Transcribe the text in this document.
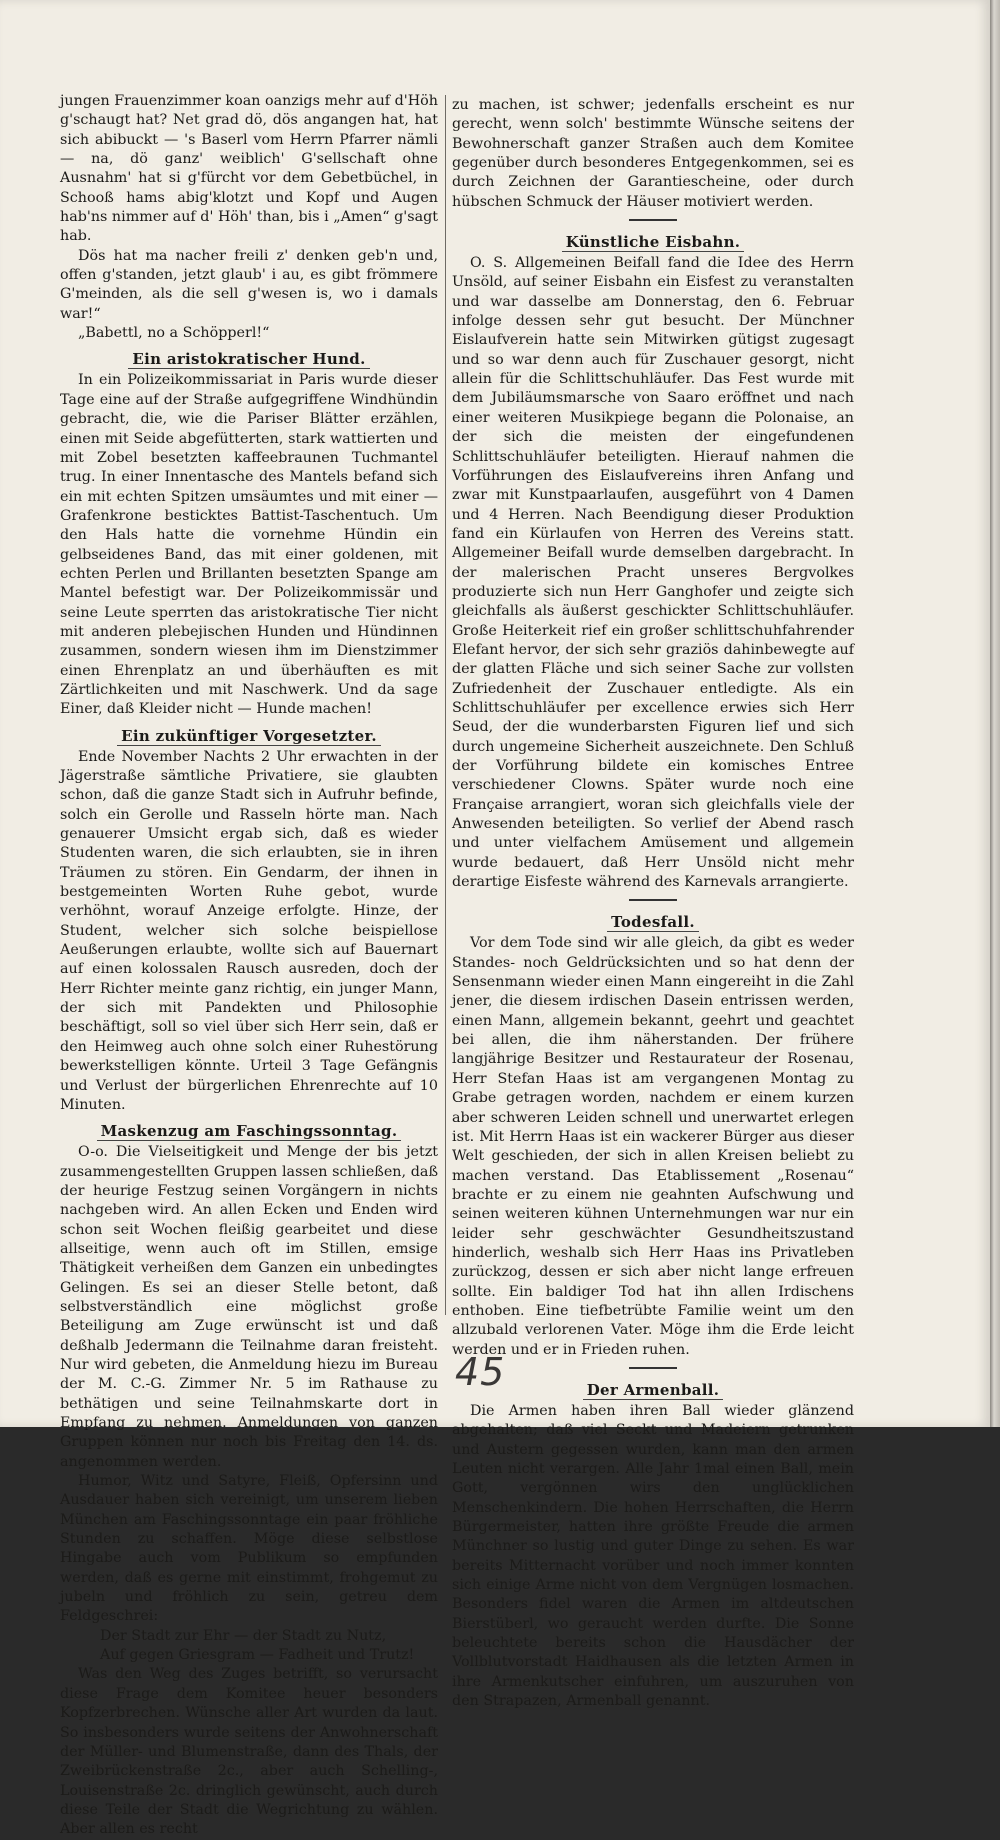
jungen Frauenzimmer koan oanzigs mehr auf d'Höh g'schaugt hat? Net grad dö, dös angangen hat, hat sich abibuckt — 's Baserl vom Herrn Pfarrer nämli — na, dö ganz' weiblich' G'sellschaft ohne Ausnahm' hat si g'fürcht vor dem Gebetbüchel, in Schooß hams abig'klotzt und Kopf und Augen hab'ns nimmer auf d' Höh' than, bis i „Amen“ g'sagt hab.

Dös hat ma nacher freili z' denken geb'n und, offen g'standen, jetzt glaub' i au, es gibt frömmere G'meinden, als die sell g'wesen is, wo i damals war!“

„Babettl, no a Schöpperl!“

Ein aristokratischer Hund.

In ein Polizeikommissariat in Paris wurde dieser Tage eine auf der Straße aufgegriffene Windhündin gebracht, die, wie die Pariser Blätter erzählen, einen mit Seide abgefütterten, stark wattierten und mit Zobel besetzten kaffeebraunen Tuchmantel trug. In einer Innentasche des Mantels befand sich ein mit echten Spitzen umsäumtes und mit einer — Grafenkrone besticktes Battist-Taschentuch. Um den Hals hatte die vornehme Hündin ein gelbseidenes Band, das mit einer goldenen, mit echten Perlen und Brillanten besetzten Spange am Mantel befestigt war. Der Polizeikommissär und seine Leute sperrten das aristokratische Tier nicht mit anderen plebejischen Hunden und Hündinnen zusammen, sondern wiesen ihm im Dienstzimmer einen Ehrenplatz an und überhäuften es mit Zärtlichkeiten und mit Naschwerk. Und da sage Einer, daß Kleider nicht — Hunde machen!

Ein zukünftiger Vorgesetzter.

Ende November Nachts 2 Uhr erwachten in der Jägerstraße sämtliche Privatiere, sie glaubten schon, daß die ganze Stadt sich in Aufruhr befinde, solch ein Gerolle und Rasseln hörte man. Nach genauerer Umsicht ergab sich, daß es wieder Studenten waren, die sich erlaubten, sie in ihren Träumen zu stören. Ein Gendarm, der ihnen in bestgemeinten Worten Ruhe gebot, wurde verhöhnt, worauf Anzeige erfolgte. Hinze, der Student, welcher sich solche beispiellose Aeußerungen erlaubte, wollte sich auf Bauernart auf einen kolossalen Rausch ausreden, doch der Herr Richter meinte ganz richtig, ein junger Mann, der sich mit Pandekten und Philosophie beschäftigt, soll so viel über sich Herr sein, daß er den Heimweg auch ohne solch einer Ruhestörung bewerkstelligen könnte. Urteil 3 Tage Gefängnis und Verlust der bürgerlichen Ehrenrechte auf 10 Minuten.

Maskenzug am Faschingssonntag.

O-o. Die Vielseitigkeit und Menge der bis jetzt zusammengestellten Gruppen lassen schließen, daß der heurige Festzug seinen Vorgängern in nichts nachgeben wird. An allen Ecken und Enden wird schon seit Wochen fleißig gearbeitet und diese allseitige, wenn auch oft im Stillen, emsige Thätigkeit verheißen dem Ganzen ein unbedingtes Gelingen. Es sei an dieser Stelle betont, daß selbstverständlich eine möglichst große Beteiligung am Zuge erwünscht ist und daß deßhalb Jedermann die Teilnahme daran freisteht. Nur wird gebeten, die Anmeldung hiezu im Bureau der M. C.-G. Zimmer Nr. 5 im Rathause zu bethätigen und seine Teilnahmskarte dort in Empfang zu nehmen. Anmeldungen von ganzen Gruppen können nur noch bis Freitag den 14. ds. angenommen werden.

Humor, Witz und Satyre, Fleiß, Opfersinn und Ausdauer haben sich vereinigt, um unserem lieben München am Faschingssonntage ein paar fröhliche Stunden zu schaffen. Möge diese selbstlose Hingabe auch vom Publikum so empfunden werden, daß es gerne mit einstimmt, frohgemut zu jubeln und fröhlich zu sein, getreu dem Feldgeschrei:

Der Stadt zur Ehr — der Stadt zu Nutz,

Auf gegen Griesgram — Fadheit und Trutz!

Was den Weg des Zuges betrifft, so verursacht diese Frage dem Komitee heuer besonders Kopfzerbrechen. Wünsche aller Art wurden da laut. So insbesonders wurde seitens der Anwohnerschaft der Müller- und Blumenstraße, dann des Thals, der Zweibrückenstraße 2c., aber auch Schelling-, Louisenstraße 2c. dringlich gewünscht, auch durch diese Teile der Stadt die Wegrichtung zu wählen. Aber allen es recht

zu machen, ist schwer; jedenfalls erscheint es nur gerecht, wenn solch' bestimmte Wünsche seitens der Bewohnerschaft ganzer Straßen auch dem Komitee gegenüber durch besonderes Entgegenkommen, sei es durch Zeichnen der Garantiescheine, oder durch hübschen Schmuck der Häuser motiviert werden.

Künstliche Eisbahn.

O. S. Allgemeinen Beifall fand die Idee des Herrn Unsöld, auf seiner Eisbahn ein Eisfest zu veranstalten und war dasselbe am Donnerstag, den 6. Februar infolge dessen sehr gut besucht. Der Münchner Eislaufverein hatte sein Mitwirken gütigst zugesagt und so war denn auch für Zuschauer gesorgt, nicht allein für die Schlittschuhläufer. Das Fest wurde mit dem Jubiläumsmarsche von Saaro eröffnet und nach einer weiteren Musikpiege begann die Polonaise, an der sich die meisten der eingefundenen Schlittschuhläufer beteiligten. Hierauf nahmen die Vorführungen des Eislaufvereins ihren Anfang und zwar mit Kunstpaarlaufen, ausgeführt von 4 Damen und 4 Herren. Nach Beendigung dieser Produktion fand ein Kürlaufen von Herren des Vereins statt. Allgemeiner Beifall wurde demselben dargebracht. In der malerischen Pracht unseres Bergvolkes produzierte sich nun Herr Ganghofer und zeigte sich gleichfalls als äußerst geschickter Schlittschuhläufer. Große Heiterkeit rief ein großer schlittschuhfahrender Elefant hervor, der sich sehr graziös dahinbewegte auf der glatten Fläche und sich seiner Sache zur vollsten Zufriedenheit der Zuschauer entledigte. Als ein Schlittschuhläufer per excellence erwies sich Herr Seud, der die wunderbarsten Figuren lief und sich durch ungemeine Sicherheit auszeichnete. Den Schluß der Vorführung bildete ein komisches Entree verschiedener Clowns. Später wurde noch eine Française arrangiert, woran sich gleichfalls viele der Anwesenden beteiligten. So verlief der Abend rasch und unter vielfachem Amüsement und allgemein wurde bedauert, daß Herr Unsöld nicht mehr derartige Eisfeste während des Karnevals arrangierte.

Todesfall.

Vor dem Tode sind wir alle gleich, da gibt es weder Standes- noch Geldrücksichten und so hat denn der Sensenmann wieder einen Mann eingereiht in die Zahl jener, die diesem irdischen Dasein entrissen werden, einen Mann, allgemein bekannt, geehrt und geachtet bei allen, die ihm näherstanden. Der frühere langjährige Besitzer und Restaurateur der Rosenau, Herr Stefan Haas ist am vergangenen Montag zu Grabe getragen worden, nachdem er einem kurzen aber schweren Leiden schnell und unerwartet erlegen ist. Mit Herrn Haas ist ein wackerer Bürger aus dieser Welt geschieden, der sich in allen Kreisen beliebt zu machen verstand. Das Etablissement „Rosenau“ brachte er zu einem nie geahnten Aufschwung und seinen weiteren kühnen Unternehmungen war nur ein leider sehr geschwächter Gesundheitszustand hinderlich, weshalb sich Herr Haas ins Privatleben zurückzog, dessen er sich aber nicht lange erfreuen sollte. Ein baldiger Tod hat ihn allen Irdischens enthoben. Eine tiefbetrübte Familie weint um den allzubald verlorenen Vater. Möge ihm die Erde leicht werden und er in Frieden ruhen.

Der Armenball.

Die Armen haben ihren Ball wieder glänzend abgehalten; daß viel Seckt und Madeiern getrunken und Austern gegessen wurden, kann man den armen Leuten nicht verargen. Alle Jahr 1mal einen Ball, mein Gott, vergönnen wirs den unglücklichen Menschenkindern. Die hohen Herrschaften, die Herrn Bürgermeister, hatten ihre größte Freude die armen Münchner so lustig und guter Dinge zu sehen. Es war bereits Mitternacht vorüber und noch immer konnten sich einige Arme nicht von dem Vergnügen losmachen. Besonders fidel waren die Armen im altdeutschen Bierstüberl, wo geraucht werden durfte. Die Sonne beleuchtete bereits schon die Hausdächer der Vollblutvorstadt Haidhausen als die letzten Armen in ihre Armenkutscher einfuhren, um auszuruhen von den Strapazen, Armenball genannt.

45
